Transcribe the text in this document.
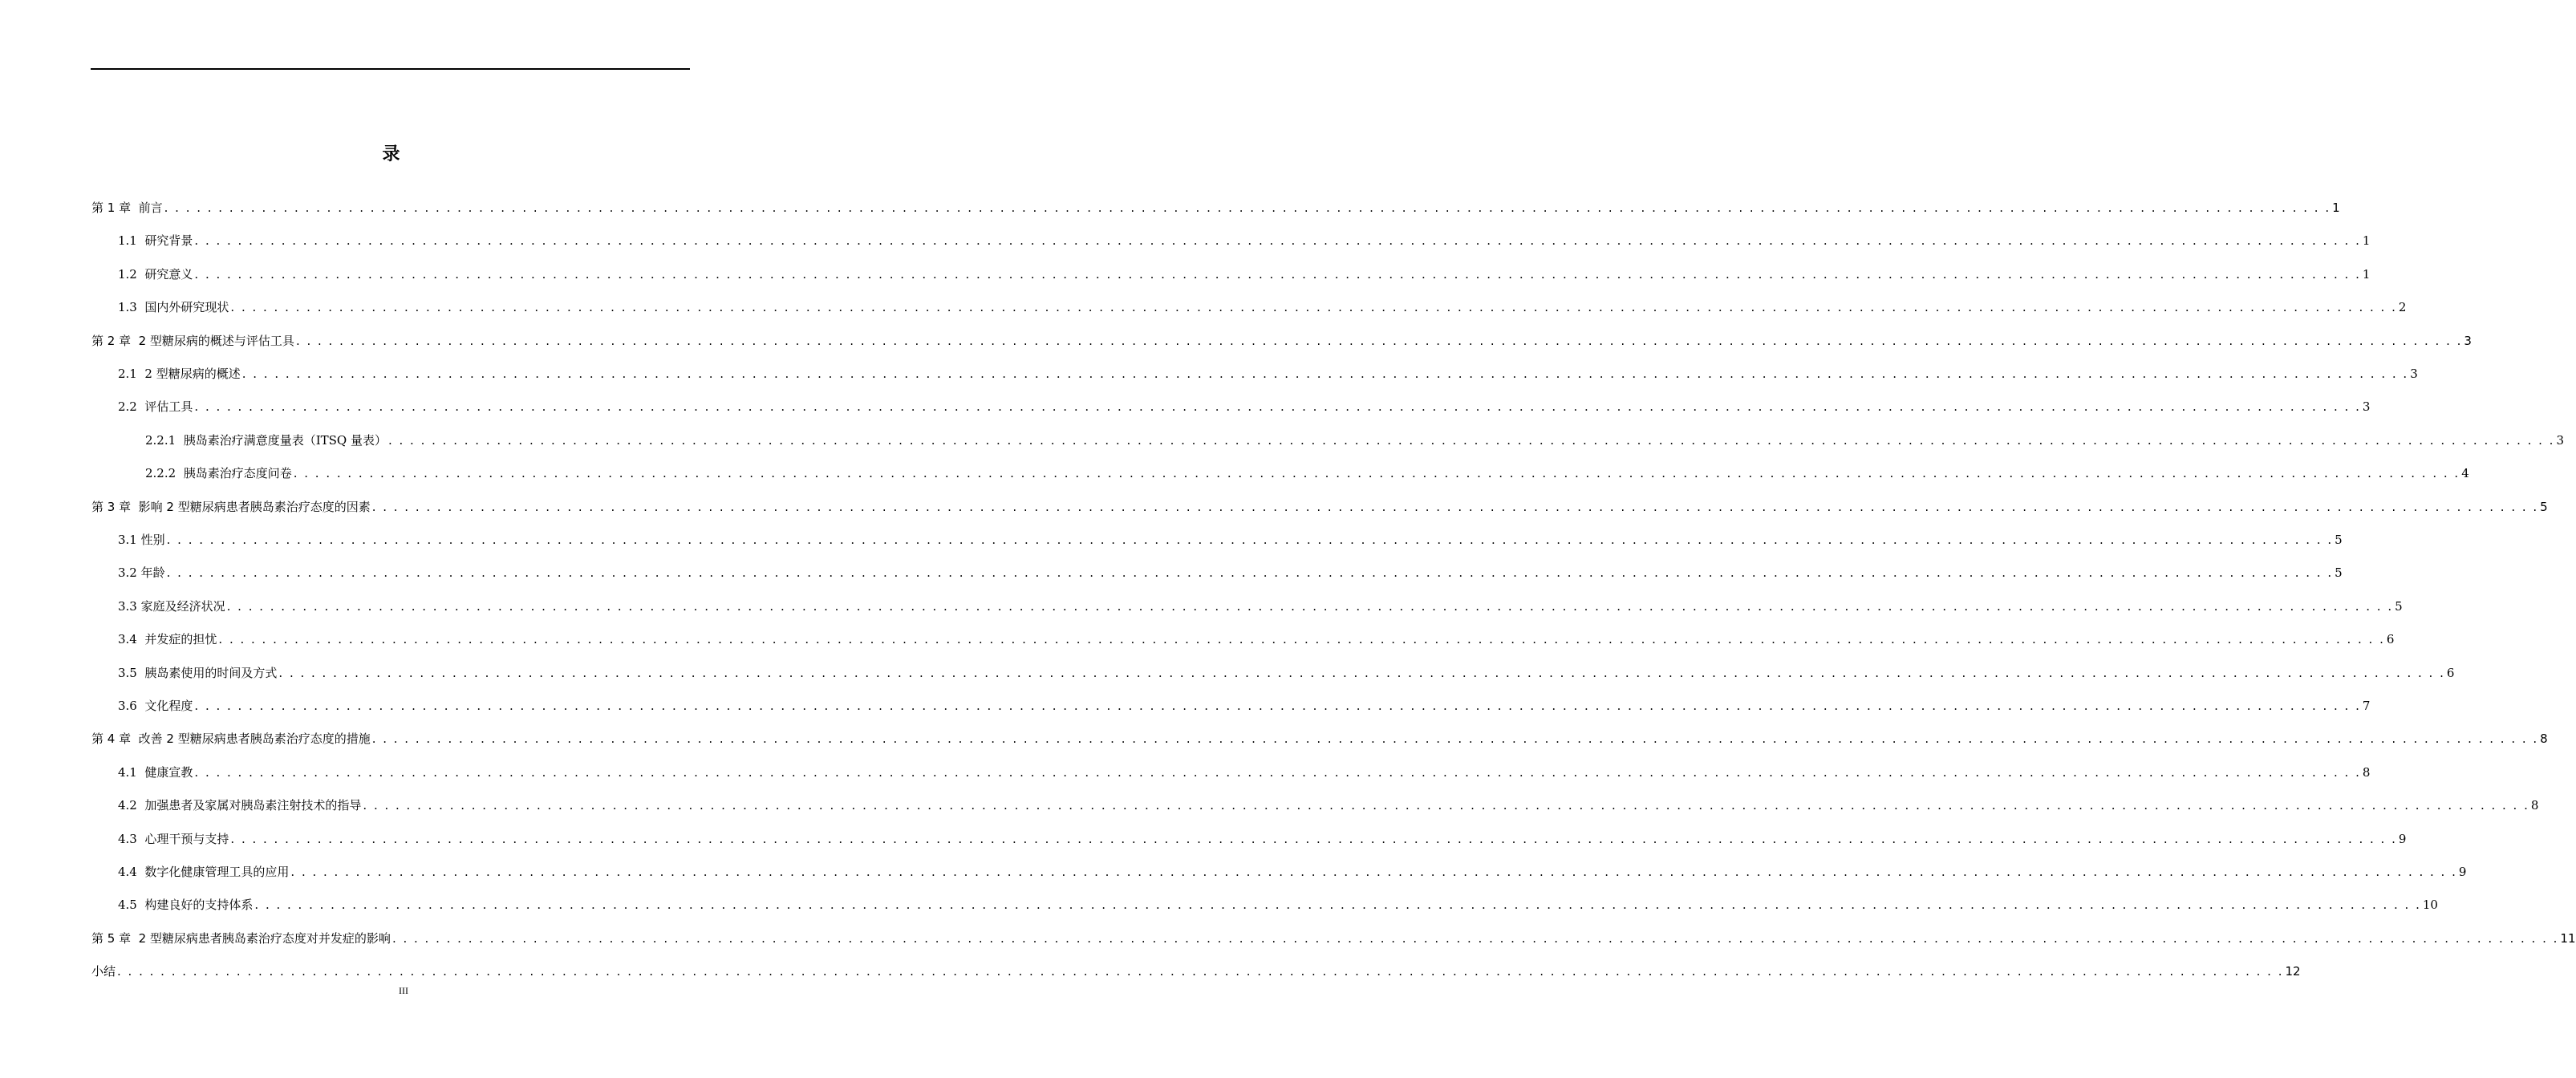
录
第 1 章  前言 . . . . . . . . . . . . . . . . . . . . . . . . . . . . . . . . . . . . . . . . . . . . . . . . . . . . . . . . . . . . . . . . . . . . . . . . . . . . . . . . . . . . . . . . . . . . . . . . . . . . . . . . . . . . . . . . . . . . . . . . . . . . . . . . . . . . . . . . . . . . . . . . . . . . . . . . . . . . . . . . . . . . . . . . . . . . . . . . . . . . . . . . . . . . . . . . . . . . . . . . 1
1.1  研究背景 . . . . . . . . . . . . . . . . . . . . . . . . . . . . . . . . . . . . . . . . . . . . . . . . . . . . . . . . . . . . . . . . . . . . . . . . . . . . . . . . . . . . . . . . . . . . . . . . . . . . . . . . . . . . . . . . . . . . . . . . . . . . . . . . . . . . . . . . . . . . . . . . . . . . . . . . . . . . . . . . . . . . . . . . . . . . . . . . . . . . . . . . . . . . . . . . . . . . . . . . 1
1.2  研究意义 . . . . . . . . . . . . . . . . . . . . . . . . . . . . . . . . . . . . . . . . . . . . . . . . . . . . . . . . . . . . . . . . . . . . . . . . . . . . . . . . . . . . . . . . . . . . . . . . . . . . . . . . . . . . . . . . . . . . . . . . . . . . . . . . . . . . . . . . . . . . . . . . . . . . . . . . . . . . . . . . . . . . . . . . . . . . . . . . . . . . . . . . . . . . . . . . . . . . . . . . 1
1.3  国内外研究现状 . . . . . . . . . . . . . . . . . . . . . . . . . . . . . . . . . . . . . . . . . . . . . . . . . . . . . . . . . . . . . . . . . . . . . . . . . . . . . . . . . . . . . . . . . . . . . . . . . . . . . . . . . . . . . . . . . . . . . . . . . . . . . . . . . . . . . . . . . . . . . . . . . . . . . . . . . . . . . . . . . . . . . . . . . . . . . . . . . . . . . . . . . . . . . . . . . . . . . . . . 2
第 2 章  2 型糖尿病的概述与评估工具 . . . . . . . . . . . . . . . . . . . . . . . . . . . . . . . . . . . . . . . . . . . . . . . . . . . . . . . . . . . . . . . . . . . . . . . . . . . . . . . . . . . . . . . . . . . . . . . . . . . . . . . . . . . . . . . . . . . . . . . . . . . . . . . . . . . . . . . . . . . . . . . . . . . . . . . . . . . . . . . . . . . . . . . . . . . . . . . . . . . . . . . . . . . . . . . . . . . . . . . . 3
2.1  2 型糖尿病的概述 . . . . . . . . . . . . . . . . . . . . . . . . . . . . . . . . . . . . . . . . . . . . . . . . . . . . . . . . . . . . . . . . . . . . . . . . . . . . . . . . . . . . . . . . . . . . . . . . . . . . . . . . . . . . . . . . . . . . . . . . . . . . . . . . . . . . . . . . . . . . . . . . . . . . . . . . . . . . . . . . . . . . . . . . . . . . . . . . . . . . . . . . . . . . . . . . . . . . . . . . 3
2.2  评估工具 . . . . . . . . . . . . . . . . . . . . . . . . . . . . . . . . . . . . . . . . . . . . . . . . . . . . . . . . . . . . . . . . . . . . . . . . . . . . . . . . . . . . . . . . . . . . . . . . . . . . . . . . . . . . . . . . . . . . . . . . . . . . . . . . . . . . . . . . . . . . . . . . . . . . . . . . . . . . . . . . . . . . . . . . . . . . . . . . . . . . . . . . . . . . . . . . . . . . . . . . 3
2.2.1  胰岛素治疗满意度量表（ITSQ 量表） . . . . . . . . . . . . . . . . . . . . . . . . . . . . . . . . . . . . . . . . . . . . . . . . . . . . . . . . . . . . . . . . . . . . . . . . . . . . . . . . . . . . . . . . . . . . . . . . . . . . . . . . . . . . . . . . . . . . . . . . . . . . . . . . . . . . . . . . . . . . . . . . . . . . . . . . . . . . . . . . . . . . . . . . . . . . . . . . . . . . . . . . . . . . . . . . . . . . . . . . 3
2.2.2  胰岛素治疗态度问卷 . . . . . . . . . . . . . . . . . . . . . . . . . . . . . . . . . . . . . . . . . . . . . . . . . . . . . . . . . . . . . . . . . . . . . . . . . . . . . . . . . . . . . . . . . . . . . . . . . . . . . . . . . . . . . . . . . . . . . . . . . . . . . . . . . . . . . . . . . . . . . . . . . . . . . . . . . . . . . . . . . . . . . . . . . . . . . . . . . . . . . . . . . . . . . . . . . . . . . . . . 4
第 3 章  影响 2 型糖尿病患者胰岛素治疗态度的因素 . . . . . . . . . . . . . . . . . . . . . . . . . . . . . . . . . . . . . . . . . . . . . . . . . . . . . . . . . . . . . . . . . . . . . . . . . . . . . . . . . . . . . . . . . . . . . . . . . . . . . . . . . . . . . . . . . . . . . . . . . . . . . . . . . . . . . . . . . . . . . . . . . . . . . . . . . . . . . . . . . . . . . . . . . . . . . . . . . . . . . . . . . . . . . . . . . . . . . . . . 5
3.1 性别 . . . . . . . . . . . . . . . . . . . . . . . . . . . . . . . . . . . . . . . . . . . . . . . . . . . . . . . . . . . . . . . . . . . . . . . . . . . . . . . . . . . . . . . . . . . . . . . . . . . . . . . . . . . . . . . . . . . . . . . . . . . . . . . . . . . . . . . . . . . . . . . . . . . . . . . . . . . . . . . . . . . . . . . . . . . . . . . . . . . . . . . . . . . . . . . . . . . . . . . . 5
3.2 年龄 . . . . . . . . . . . . . . . . . . . . . . . . . . . . . . . . . . . . . . . . . . . . . . . . . . . . . . . . . . . . . . . . . . . . . . . . . . . . . . . . . . . . . . . . . . . . . . . . . . . . . . . . . . . . . . . . . . . . . . . . . . . . . . . . . . . . . . . . . . . . . . . . . . . . . . . . . . . . . . . . . . . . . . . . . . . . . . . . . . . . . . . . . . . . . . . . . . . . . . . . 5
3.3 家庭及经济状况 . . . . . . . . . . . . . . . . . . . . . . . . . . . . . . . . . . . . . . . . . . . . . . . . . . . . . . . . . . . . . . . . . . . . . . . . . . . . . . . . . . . . . . . . . . . . . . . . . . . . . . . . . . . . . . . . . . . . . . . . . . . . . . . . . . . . . . . . . . . . . . . . . . . . . . . . . . . . . . . . . . . . . . . . . . . . . . . . . . . . . . . . . . . . . . . . . . . . . . . . 5
3.4  并发症的担忧 . . . . . . . . . . . . . . . . . . . . . . . . . . . . . . . . . . . . . . . . . . . . . . . . . . . . . . . . . . . . . . . . . . . . . . . . . . . . . . . . . . . . . . . . . . . . . . . . . . . . . . . . . . . . . . . . . . . . . . . . . . . . . . . . . . . . . . . . . . . . . . . . . . . . . . . . . . . . . . . . . . . . . . . . . . . . . . . . . . . . . . . . . . . . . . . . . . . . . . . . 6
3.5  胰岛素使用的时间及方式 . . . . . . . . . . . . . . . . . . . . . . . . . . . . . . . . . . . . . . . . . . . . . . . . . . . . . . . . . . . . . . . . . . . . . . . . . . . . . . . . . . . . . . . . . . . . . . . . . . . . . . . . . . . . . . . . . . . . . . . . . . . . . . . . . . . . . . . . . . . . . . . . . . . . . . . . . . . . . . . . . . . . . . . . . . . . . . . . . . . . . . . . . . . . . . . . . . . . . . . . 6
3.6  文化程度 . . . . . . . . . . . . . . . . . . . . . . . . . . . . . . . . . . . . . . . . . . . . . . . . . . . . . . . . . . . . . . . . . . . . . . . . . . . . . . . . . . . . . . . . . . . . . . . . . . . . . . . . . . . . . . . . . . . . . . . . . . . . . . . . . . . . . . . . . . . . . . . . . . . . . . . . . . . . . . . . . . . . . . . . . . . . . . . . . . . . . . . . . . . . . . . . . . . . . . . . 7
第 4 章  改善 2 型糖尿病患者胰岛素治疗态度的措施 . . . . . . . . . . . . . . . . . . . . . . . . . . . . . . . . . . . . . . . . . . . . . . . . . . . . . . . . . . . . . . . . . . . . . . . . . . . . . . . . . . . . . . . . . . . . . . . . . . . . . . . . . . . . . . . . . . . . . . . . . . . . . . . . . . . . . . . . . . . . . . . . . . . . . . . . . . . . . . . . . . . . . . . . . . . . . . . . . . . . . . . . . . . . . . . . . . . . . . . . 8
4.1  健康宣教 . . . . . . . . . . . . . . . . . . . . . . . . . . . . . . . . . . . . . . . . . . . . . . . . . . . . . . . . . . . . . . . . . . . . . . . . . . . . . . . . . . . . . . . . . . . . . . . . . . . . . . . . . . . . . . . . . . . . . . . . . . . . . . . . . . . . . . . . . . . . . . . . . . . . . . . . . . . . . . . . . . . . . . . . . . . . . . . . . . . . . . . . . . . . . . . . . . . . . . . . 8
4.2  加强患者及家属对胰岛素注射技术的指导 . . . . . . . . . . . . . . . . . . . . . . . . . . . . . . . . . . . . . . . . . . . . . . . . . . . . . . . . . . . . . . . . . . . . . . . . . . . . . . . . . . . . . . . . . . . . . . . . . . . . . . . . . . . . . . . . . . . . . . . . . . . . . . . . . . . . . . . . . . . . . . . . . . . . . . . . . . . . . . . . . . . . . . . . . . . . . . . . . . . . . . . . . . . . . . . . . . . . . . . . 8
4.3  心理干预与支持 . . . . . . . . . . . . . . . . . . . . . . . . . . . . . . . . . . . . . . . . . . . . . . . . . . . . . . . . . . . . . . . . . . . . . . . . . . . . . . . . . . . . . . . . . . . . . . . . . . . . . . . . . . . . . . . . . . . . . . . . . . . . . . . . . . . . . . . . . . . . . . . . . . . . . . . . . . . . . . . . . . . . . . . . . . . . . . . . . . . . . . . . . . . . . . . . . . . . . . . . 9
4.4  数字化健康管理工具的应用 . . . . . . . . . . . . . . . . . . . . . . . . . . . . . . . . . . . . . . . . . . . . . . . . . . . . . . . . . . . . . . . . . . . . . . . . . . . . . . . . . . . . . . . . . . . . . . . . . . . . . . . . . . . . . . . . . . . . . . . . . . . . . . . . . . . . . . . . . . . . . . . . . . . . . . . . . . . . . . . . . . . . . . . . . . . . . . . . . . . . . . . . . . . . . . . . . . . . . . . . 9
4.5  构建良好的支持体系 . . . . . . . . . . . . . . . . . . . . . . . . . . . . . . . . . . . . . . . . . . . . . . . . . . . . . . . . . . . . . . . . . . . . . . . . . . . . . . . . . . . . . . . . . . . . . . . . . . . . . . . . . . . . . . . . . . . . . . . . . . . . . . . . . . . . . . . . . . . . . . . . . . . . . . . . . . . . . . . . . . . . . . . . . . . . . . . . . . . . . . . . . . . . . . . . . . . . . . . . 10
第 5 章  2 型糖尿病患者胰岛素治疗态度对并发症的影响 . . . . . . . . . . . . . . . . . . . . . . . . . . . . . . . . . . . . . . . . . . . . . . . . . . . . . . . . . . . . . . . . . . . . . . . . . . . . . . . . . . . . . . . . . . . . . . . . . . . . . . . . . . . . . . . . . . . . . . . . . . . . . . . . . . . . . . . . . . . . . . . . . . . . . . . . . . . . . . . . . . . . . . . . . . . . . . . . . . . . . . . . . . . . . . . . . . . . . . . . 11
小结 . . . . . . . . . . . . . . . . . . . . . . . . . . . . . . . . . . . . . . . . . . . . . . . . . . . . . . . . . . . . . . . . . . . . . . . . . . . . . . . . . . . . . . . . . . . . . . . . . . . . . . . . . . . . . . . . . . . . . . . . . . . . . . . . . . . . . . . . . . . . . . . . . . . . . . . . . . . . . . . . . . . . . . . . . . . . . . . . . . . . . . . . . . . . . . . . . . . . . . . . 12
III
